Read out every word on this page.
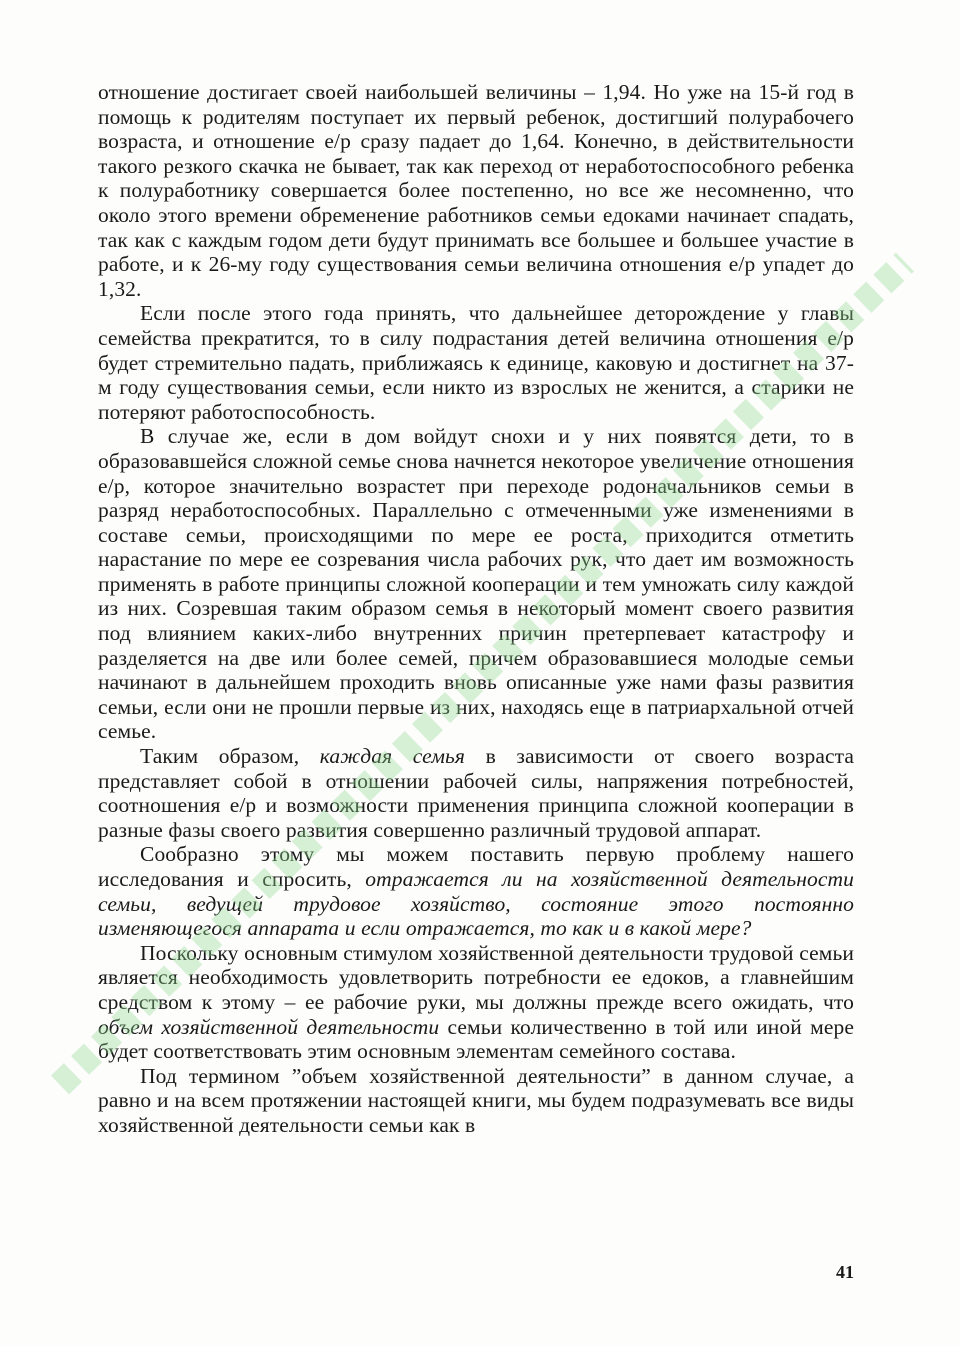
отношение достигает своей наибольшей величины – 1,94. Но уже на 15-й год в помощь к родителям поступает их первый ребенок, достигший полурабочего возраста, и отношение е/р сразу падает до 1,64. Конечно, в действительности такого резкого скачка не бывает, так как переход от неработоспособного ребенка к полуработнику совершается более постепенно, но все же несомненно, что около этого времени обременение работников семьи едоками начинает спадать, так как с каждым годом дети будут принимать все большее и большее участие в работе, и к 26-му году существования семьи величина отношения е/р упадет до 1,32.

Если после этого года принять, что дальнейшее деторождение у главы семейства прекратится, то в силу подрастания детей величина отношения е/р будет стремительно падать, приближаясь к единице, каковую и достигнет на 37-м году существования семьи, если никто из взрослых не женится, а старики не потеряют работоспособность.

В случае же, если в дом войдут снохи и у них появятся дети, то в образовавшейся сложной семье снова начнется некоторое увеличение отношения е/р, которое значительно возрастет при переходе родоначальников семьи в разряд неработоспособных. Параллельно с отмеченными уже изменениями в составе семьи, происходящими по мере ее роста, приходится отметить нарастание по мере ее созревания числа рабочих рук, что дает им возможность применять в работе принципы сложной кооперации и тем умножать силу каждой из них. Созревшая таким образом семья в некоторый момент своего развития под влиянием каких-либо внутренних причин претерпевает катастрофу и разделяется на две или более семей, причем образовавшиеся молодые семьи начинают в дальнейшем проходить вновь описанные уже нами фазы развития семьи, если они не прошли первые из них, находясь еще в патриархальной отчей семье.

Таким образом, каждая семья в зависимости от своего возраста представляет собой в отношении рабочей силы, напряжения потребностей, соотношения е/р и возможности применения принципа сложной кооперации в разные фазы своего развития совершенно различный трудовой аппарат.

Сообразно этому мы можем поставить первую проблему нашего исследования и спросить, отражается ли на хозяйственной деятельности семьи, ведущей трудовое хозяйство, состояние этого постоянно изменяющегося аппарата и если отражается, то как и в какой мере?

Поскольку основным стимулом хозяйственной деятельности трудовой семьи является необходимость удовлетворить потребности ее едоков, а главнейшим средством к этому – ее рабочие руки, мы должны прежде всего ожидать, что объем хозяйственной деятельности семьи количественно в той или иной мере будет соответствовать этим основным элементам семейного состава.

Под термином ”объем хозяйственной деятельности” в данном случае, а равно и на всем протяжении настоящей книги, мы будем подразумевать все виды хозяйственной деятельности семьи как в

41
